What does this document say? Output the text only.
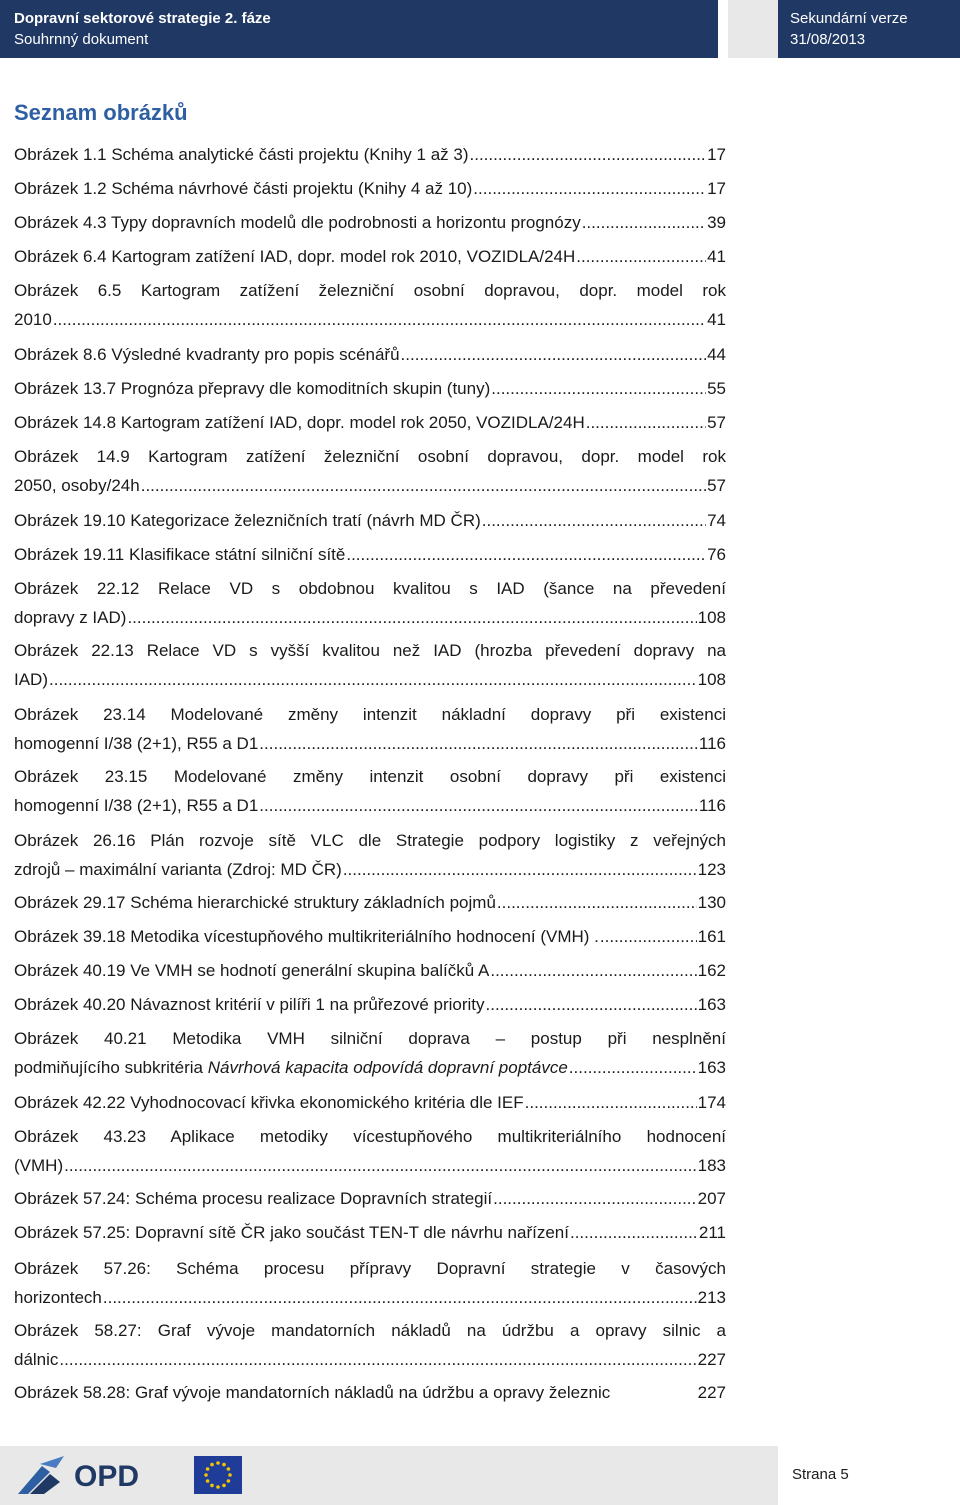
Dopravní sektorové strategie 2. fáze
Souhrnný dokument
Sekundární verze
31/08/2013
Seznam obrázků
Obrázek 1.1 Schéma analytické části projektu (Knihy 1 až 3) .....	17
Obrázek 1.2 Schéma návrhové části projektu (Knihy 4 až 10) .....	17
Obrázek 4.3 Typy dopravních modelů dle podrobnosti a horizontu prognózy .....	39
Obrázek 6.4 Kartogram zatížení IAD, dopr. model rok 2010, VOZIDLA/24H .....	41
Obrázek 6.5 Kartogram zatížení železniční osobní dopravou, dopr. model rok
2010 .....	41
Obrázek 8.6 Výsledné kvadranty pro popis scénářů .....	44
Obrázek 13.7 Prognóza přepravy dle komoditních skupin (tuny) .....	55
Obrázek 14.8 Kartogram zatížení IAD, dopr. model rok 2050, VOZIDLA/24H .....	57
Obrázek 14.9 Kartogram zatížení železniční osobní dopravou, dopr. model rok
2050, osoby/24h .....	57
Obrázek 19.10 Kategorizace železničních tratí (návrh MD ČR) .....	74
Obrázek 19.11 Klasifikace státní silniční sítě .....	76
Obrázek 22.12 Relace VD s obdobnou kvalitou s IAD (šance na převedení
dopravy z IAD) .....	108
Obrázek 22.13 Relace VD s vyšší kvalitou než IAD (hrozba převedení dopravy na
IAD) .....	108
Obrázek 23.14 Modelované změny intenzit nákladní dopravy při existenci
homogenní I/38 (2+1), R55 a D1 .....	116
Obrázek 23.15 Modelované změny intenzit osobní dopravy při existenci
homogenní I/38 (2+1), R55 a D1 .....	116
Obrázek 26.16 Plán rozvoje sítě VLC dle Strategie podpory logistiky z veřejných
zdrojů – maximální varianta (Zdroj: MD ČR) .....	123
Obrázek 29.17 Schéma hierarchické struktury základních pojmů .....	130
Obrázek 39.18 Metodika vícestupňového multikriteriálního hodnocení (VMH) . .....	161
Obrázek 40.19 Ve VMH se hodnotí generální skupina balíčků A .....	162
Obrázek 40.20 Návaznost kritérií v pilíři 1 na průřezové priority .....	163
Obrázek 40.21 Metodika VMH silniční doprava – postup při nesplnění
podmiňujícího subkritéria Návrhová kapacita odpovídá dopravní poptávce .....	163
Obrázek 42.22 Vyhodnocovací křivka ekonomického kritéria dle IEF .....	174
Obrázek 43.23 Aplikace metodiky vícestupňového multikriteriálního hodnocení
(VMH) .....	183
Obrázek 57.24: Schéma procesu realizace Dopravních strategií .....	207
Obrázek 57.25: Dopravní sítě ČR jako součást TEN-T dle návrhu nařízení .....	211
Obrázek 57.26: Schéma procesu přípravy Dopravní strategie v časových
horizontech .....	213
Obrázek 58.27: Graf vývoje mandatorních nákladů na údržbu a opravy silnic a
dálnic .....	227
Obrázek 58.28: Graf vývoje mandatorních nákladů na údržbu a opravy železnic	227
OPD	Strana 5
